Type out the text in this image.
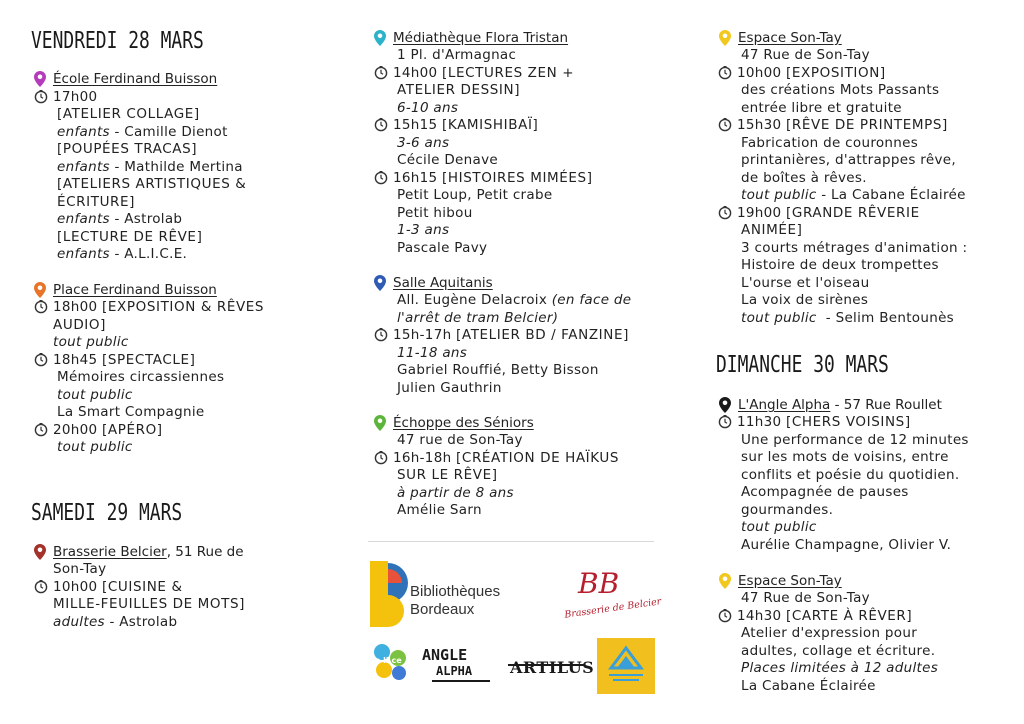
VENDREDI 28 MARS
École Ferdinand Buisson
17h00
[ATELIER COLLAGE]
enfants - Camille Dienot
[POUPÉES TRACAS]
enfants - Mathilde Mertina
[ATELIERS ARTISTIQUES &
ÉCRITURE]
enfants - Astrolab
[LECTURE DE RÊVE]
enfants - A.L.I.C.E.
Place Ferdinand Buisson
18h00 [EXPOSITION & RÊVES
AUDIO]
tout public
18h45 [SPECTACLE]
Mémoires circassiennes
tout public
La Smart Compagnie
20h00 [APÉRO]
tout public
SAMEDI 29 MARS
Brasserie Belcier, 51 Rue de
Son-Tay
10h00 [CUISINE &
MILLE-FEUILLES DE MOTS]
adultes - Astrolab
Médiathèque Flora Tristan
1 Pl. d'Armagnac
14h00 [LECTURES ZEN +
ATELIER DESSIN]
6-10 ans
15h15 [KAMISHIBAÏ]
3-6 ans
Cécile Denave
16h15 [HISTOIRES MIMÉES]
Petit Loup, Petit crabe
Petit hibou
1-3 ans
Pascale Pavy
Salle Aquitanis
All. Eugène Delacroix (en face de
l'arrêt de tram Belcier)
15h-17h [ATELIER BD / FANZINE]
11-18 ans
Gabriel Rouffié, Betty Bisson
Julien Gauthrin
Échoppe des Séniors
47 rue de Son-Tay
16h-18h [CRÉATION DE HAÏKUS
SUR LE RÊVE]
à partir de 8 ans
Amélie Sarn
Bibliothèques
Bordeaux
BB
Brasserie de Belcier
a li ce ANGLE
ALPHA ARTILUS
Espace Son-Tay
47 Rue de Son-Tay
10h00 [EXPOSITION]
des créations Mots Passants
entrée libre et gratuite
15h30 [RÊVE DE PRINTEMPS]
Fabrication de couronnes
printanières, d'attrappes rêve,
de boîtes à rêves.
tout public - La Cabane Éclairée
19h00 [GRANDE RÊVERIE
ANIMÉE]
3 courts métrages d'animation :
Histoire de deux trompettes
L'ourse et l'oiseau
La voix de sirènes
tout public  - Selim Bentounès
DIMANCHE 30 MARS
L'Angle Alpha - 57 Rue Roullet
11h30 [CHERS VOISINS]
Une performance de 12 minutes
sur les mots de voisins, entre
conflits et poésie du quotidien.
Acompagnée de pauses
gourmandes.
tout public
Aurélie Champagne, Olivier V.
Espace Son-Tay
47 Rue de Son-Tay
14h30 [CARTE À RÊVER]
Atelier d'expression pour
adultes, collage et écriture.
Places limitées à 12 adultes
La Cabane Éclairée
